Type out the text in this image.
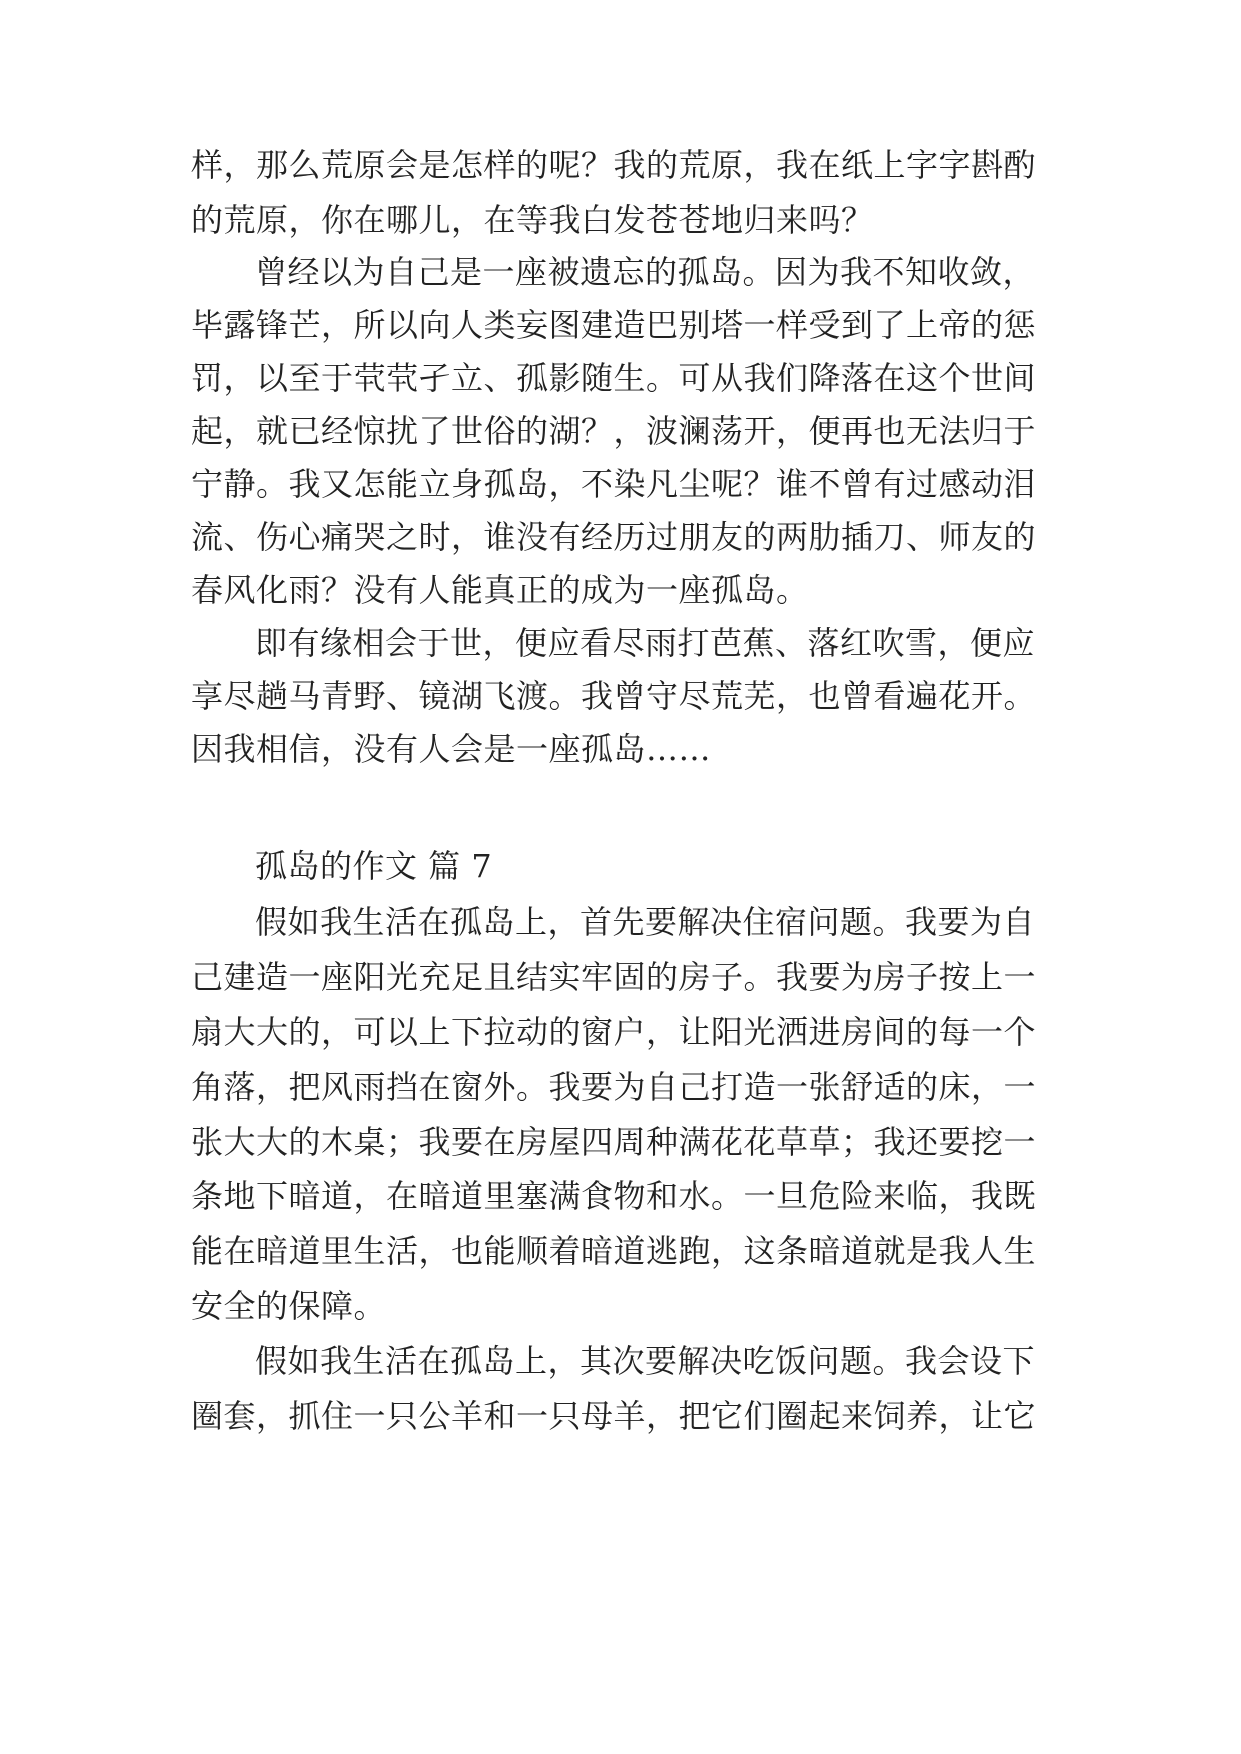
样，那么荒原会是怎样的呢？我的荒原，我在纸上字字斟酌
的荒原，你在哪儿，在等我白发苍苍地归来吗？
曾经以为自己是一座被遗忘的孤岛。因为我不知收敛，
毕露锋芒，所以向人类妄图建造巴别塔一样受到了上帝的惩
罚，以至于茕茕孑立、孤影随生。可从我们降落在这个世间
起，就已经惊扰了世俗的湖？，波澜荡开，便再也无法归于
宁静。我又怎能立身孤岛，不染凡尘呢？谁不曾有过感动泪
流、伤心痛哭之时，谁没有经历过朋友的两肋插刀、师友的
春风化雨？没有人能真正的成为一座孤岛。
即有缘相会于世，便应看尽雨打芭蕉、落红吹雪，便应
享尽趟马青野、镜湖飞渡。我曾守尽荒芜，也曾看遍花开。
因我相信，没有人会是一座孤岛……
孤岛的作文 篇 7
假如我生活在孤岛上，首先要解决住宿问题。我要为自
己建造一座阳光充足且结实牢固的房子。我要为房子按上一
扇大大的，可以上下拉动的窗户，让阳光洒进房间的每一个
角落，把风雨挡在窗外。我要为自己打造一张舒适的床，一
张大大的木桌；我要在房屋四周种满花花草草；我还要挖一
条地下暗道，在暗道里塞满食物和水。一旦危险来临，我既
能在暗道里生活，也能顺着暗道逃跑，这条暗道就是我人生
安全的保障。
假如我生活在孤岛上，其次要解决吃饭问题。我会设下
圈套，抓住一只公羊和一只母羊，把它们圈起来饲养，让它
